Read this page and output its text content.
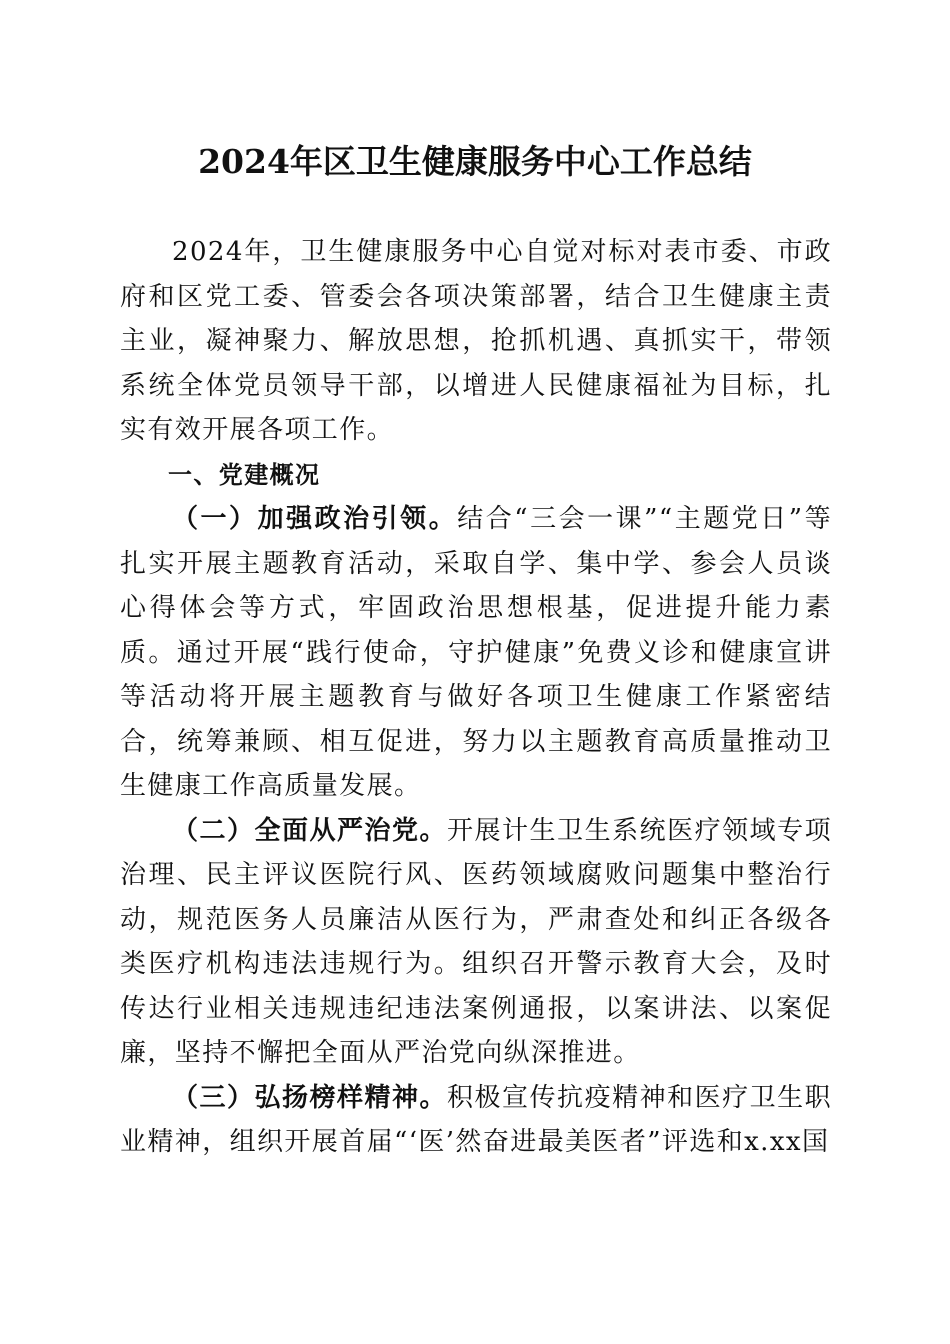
2024年区卫生健康服务中心工作总结

2024年，卫生健康服务中心自觉对标对表市委、市政府和区党工委、管委会各项决策部署，结合卫生健康主责主业，凝神聚力、解放思想，抢抓机遇、真抓实干，带领系统全体党员领导干部，以增进人民健康福祉为目标，扎实有效开展各项工作。

一、党建概况

（一）加强政治引领。结合“三会一课”“主题党日”等扎实开展主题教育活动，采取自学、集中学、参会人员谈心得体会等方式，牢固政治思想根基，促进提升能力素质。通过开展“践行使命，守护健康”免费义诊和健康宣讲等活动将开展主题教育与做好各项卫生健康工作紧密结合，统筹兼顾、相互促进，努力以主题教育高质量推动卫生健康工作高质量发展。

（二）全面从严治党。开展计生卫生系统医疗领域专项治理、民主评议医院行风、医药领域腐败问题集中整治行动，规范医务人员廉洁从医行为，严肃查处和纠正各级各类医疗机构违法违规行为。组织召开警示教育大会，及时传达行业相关违规违纪违法案例通报，以案讲法、以案促廉，坚持不懈把全面从严治党向纵深推进。

（三）弘扬榜样精神。积极宣传抗疫精神和医疗卫生职业精神，组织开展首届“‘医’然奋进最美医者”评选和x.xx国
